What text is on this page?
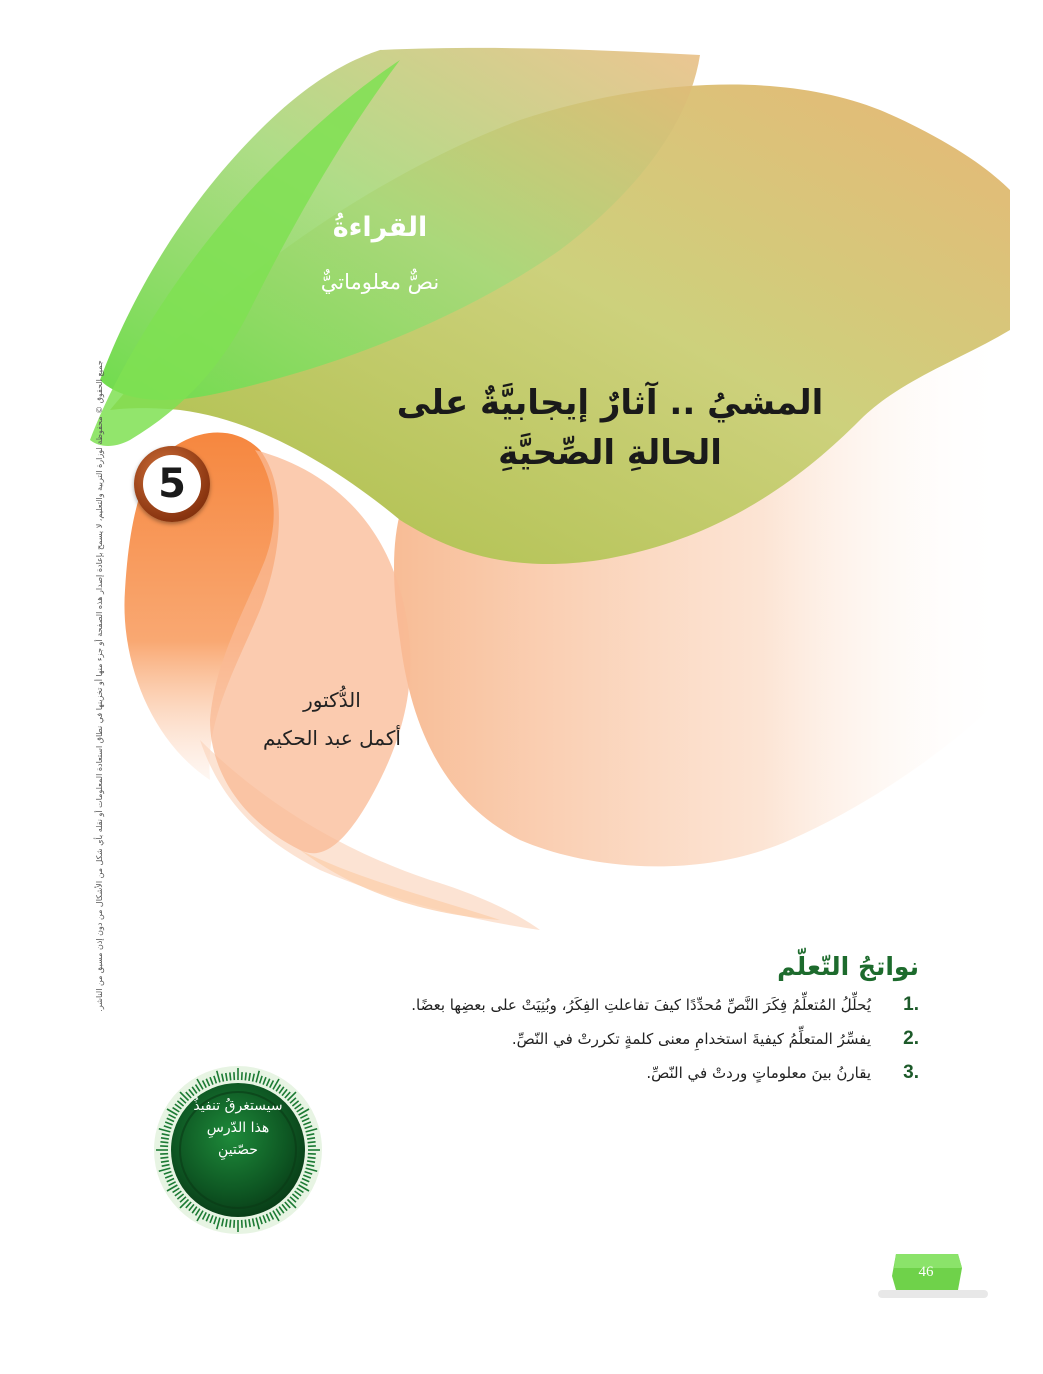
القراءةُ
نصٌّ معلوماتيٌّ
المشيُ .. آثارٌ إيجابيَّةٌ على
الحالةِ الصِّحيَّةِ
5
الدُّكتور
أكمل عبد الحكيم
جميع الحقوق © محفوظة لوزارة التربية والتعليم، لا يسمح بإعادة إصدار هذه الصفحة أو جزء منها أو تخزينها في نطاق استعادة المعلومات أو نقله بأي شكل من الأشكال من دون إذن مسبق من الناشر.	نواتجُ التّعلّم
1.
يُحلِّلُ المُتعلِّمُ فِكَرَ النَّصِّ مُحدِّدًا كيفَ تفاعلتِ الفِكَرُ، وبُنِيَتْ على بعضِها بعضًا.
2.
يفسِّرُ المتعلِّمُ كيفيةَ استخدامِ معنى كلمةٍ تكررتْ في النّصِّ.
3.
يقارنُ بينَ معلوماتٍ وردتْ في النّصِّ.
سيستغرقُ تنفيذُ
هذا الدّرسِ
حصّتينِ
46
